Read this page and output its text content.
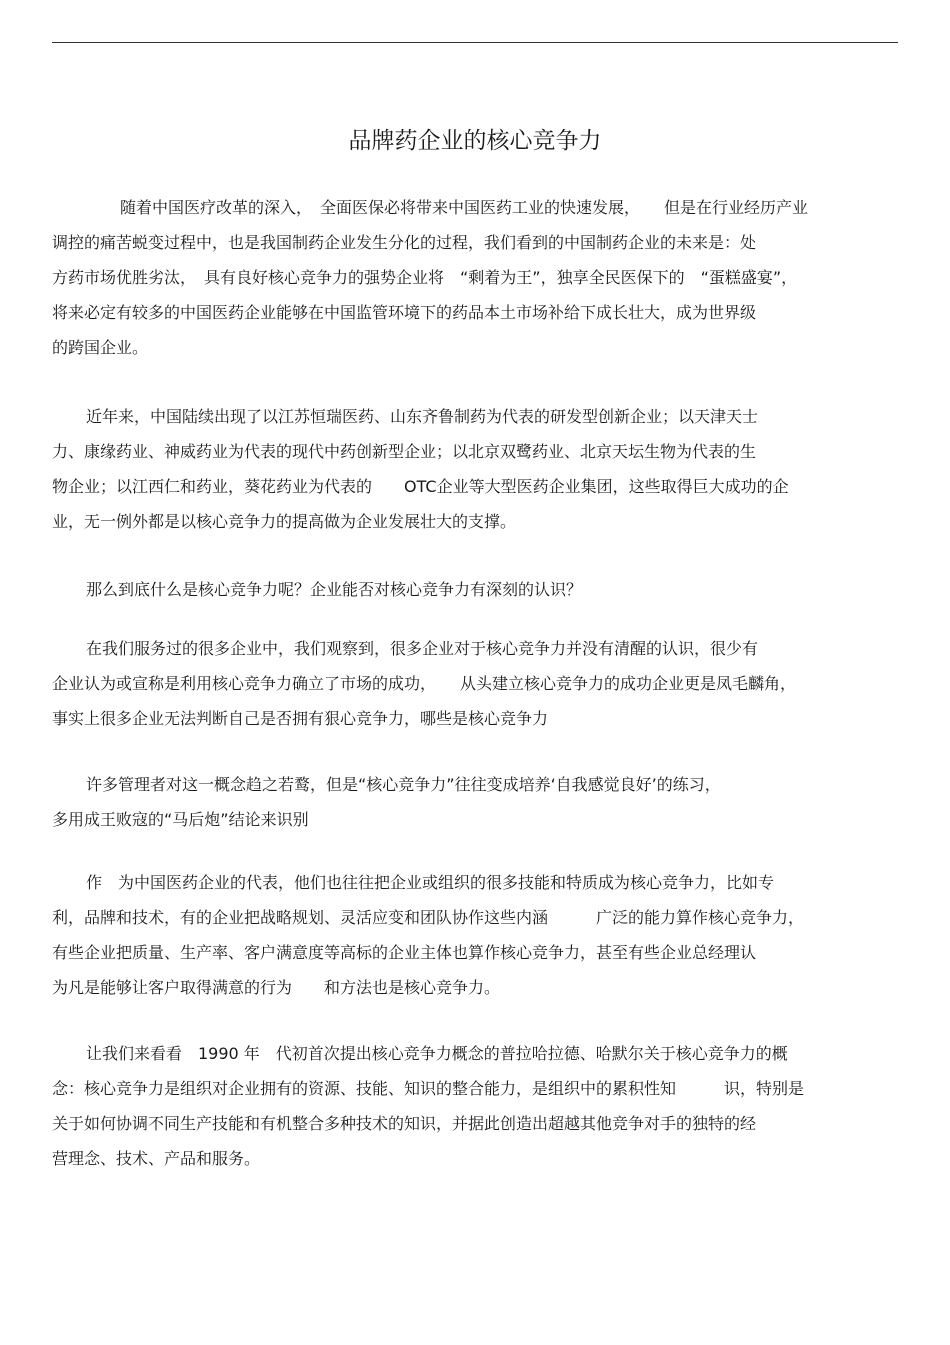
品牌药企业的核心竞争力

随着中国医疗改革的深入，　全面医保必将带来中国医药工业的快速发展，　　但是在行业经历产业

调控的痛苦蜕变过程中，也是我国制药企业发生分化的过程，我们看到的中国制药企业的未来是：处

方药市场优胜劣汰，　具有良好核心竞争力的强势企业将　“剩着为王”，独享全民医保下的　“蛋糕盛宴”，

将来必定有较多的中国医药企业能够在中国监管环境下的药品本土市场补给下成长壮大，成为世界级

的跨国企业。

近年来，中国陆续出现了以江苏恒瑞医药、山东齐鲁制药为代表的研发型创新企业；以天津天士

力、康缘药业、神威药业为代表的现代中药创新型企业；以北京双鹭药业、北京天坛生物为代表的生

物企业；以江西仁和药业，葵花药业为代表的　　OTC企业等大型医药企业集团，这些取得巨大成功的企

业，无一例外都是以核心竞争力的提高做为企业发展壮大的支撑。

那么到底什么是核心竞争力呢？企业能否对核心竞争力有深刻的认识？

在我们服务过的很多企业中，我们观察到，很多企业对于核心竞争力并没有清醒的认识，很少有

企业认为或宣称是利用核心竞争力确立了市场的成功，　　从头建立核心竞争力的成功企业更是凤毛麟角，

事实上很多企业无法判断自己是否拥有狠心竞争力，哪些是核心竞争力

许多管理者对这一概念趋之若鹜，但是“核心竞争力”往往变成培养‘自我感觉良好’的练习，

多用成王败寇的“马后炮”结论来识别

作　为中国医药企业的代表，他们也往往把企业或组织的很多技能和特质成为核心竞争力，比如专

利，品牌和技术，有的企业把战略规划、灵活应变和团队协作这些内涵　　　广泛的能力算作核心竞争力，

有些企业把质量、生产率、客户满意度等高标的企业主体也算作核心竞争力，甚至有些企业总经理认

为凡是能够让客户取得满意的行为　　和方法也是核心竞争力。

让我们来看看　1990 年　代初首次提出核心竞争力概念的普拉哈拉德、哈默尔关于核心竞争力的概

念：核心竞争力是组织对企业拥有的资源、技能、知识的整合能力，是组织中的累积性知　　　识，特别是

关于如何协调不同生产技能和有机整合多种技术的知识，并据此创造出超越其他竞争对手的独特的经

营理念、技术、产品和服务。
